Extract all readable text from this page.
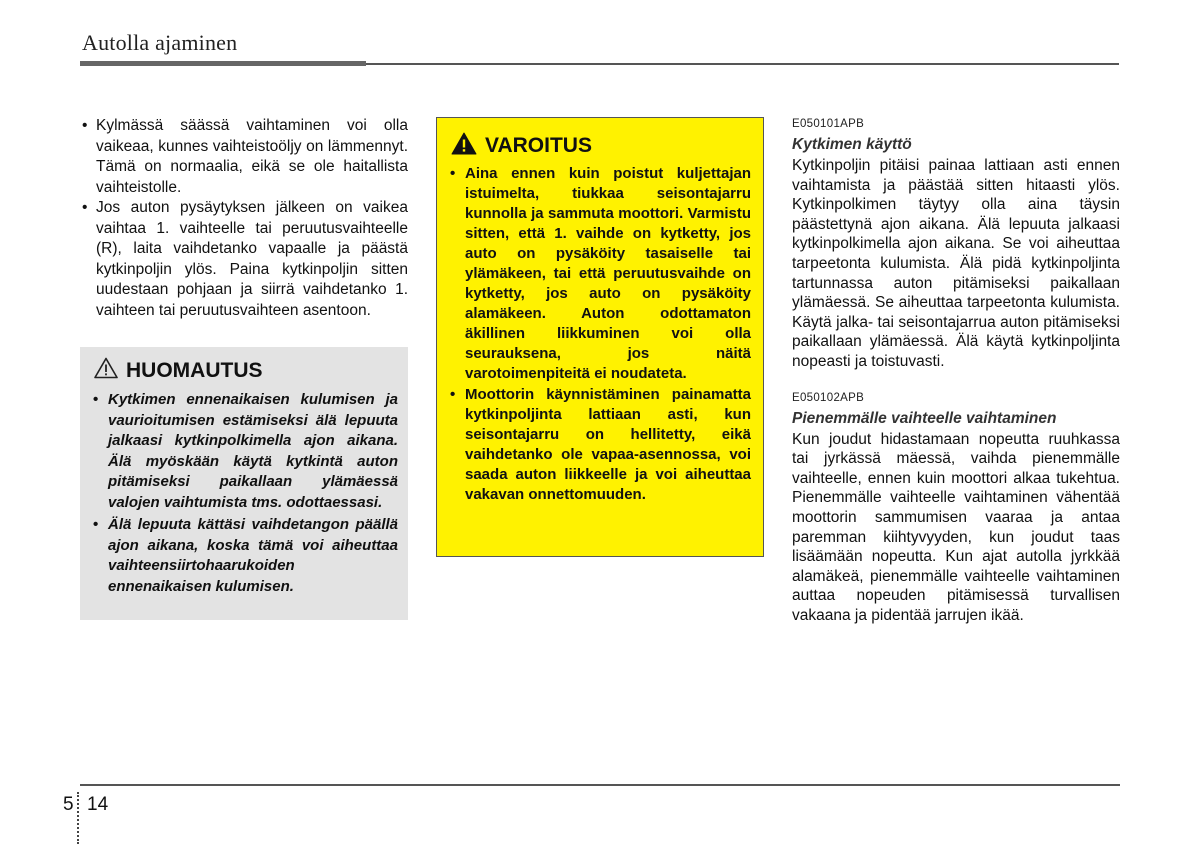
Autolla ajaminen
• Kylmässä säässä vaihtaminen voi olla vaikeaa, kunnes vaihteistoöljy on lämmennyt. Tämä on normaalia, eikä se ole haitallista vaihteistolle.
• Jos auton pysäytyksen jälkeen on vaikea vaihtaa 1. vaihteelle tai peruutusvaihteelle (R), laita vaihdetanko vapaalle ja päästä kytkinpoljin ylös. Paina kytkinpoljin sitten uudestaan pohjaan ja siirrä vaihdetanko 1. vaihteen tai peruutusvaihteen asentoon.
HUOMAUTUS
• Kytkimen ennenaikaisen kulumisen ja vaurioitumisen estämiseksi älä lepuuta jalkaasi kytkinpolkimella ajon aikana. Älä myöskään käytä kytkintä auton pitämiseksi paikallaan ylämäessä valojen vaihtumista tms. odottaessasi.
• Älä lepuuta kättäsi vaihdetangon päällä ajon aikana, koska tämä voi aiheuttaa vaihteensiirtohaarukoiden ennenaikaisen kulumisen.
VAROITUS
• Aina ennen kuin poistut kuljettajan istuimelta, tiukkaa seisontajarru kunnolla ja sammuta moottori. Varmistu sitten, että 1. vaihde on kytketty, jos auto on pysäköity tasaiselle tai ylämäkeen, tai että peruutusvaihde on kytketty, jos auto on pysäköity alamäkeen. Auton odottamaton äkillinen liikkuminen voi olla seurauksena, jos näitä varotoimenpiteitä ei noudateta.
• Moottorin käynnistäminen painamatta kytkinpoljinta lattiaan asti, kun seisontajarru on hellitetty, eikä vaihdetanko ole vapaa-asennossa, voi saada auton liikkeelle ja voi aiheuttaa vakavan onnettomuuden.

E050101APB

Kytkimen käyttö

Kytkinpoljin pitäisi painaa lattiaan asti ennen vaihtamista ja päästää sitten hitaasti ylös. Kytkinpolkimen täytyy olla aina täysin päästettynä ajon aikana. Älä lepuuta jalkaasi kytkinpolkimella ajon aikana. Se voi aiheuttaa tarpeetonta kulumista. Älä pidä kytkinpoljinta tartunnassa auton pitämiseksi paikallaan ylämäessä. Se aiheuttaa tarpeetonta kulumista. Käytä jalka- tai seisontajarrua auton pitämiseksi paikallaan ylämäessä. Älä käytä kytkinpoljinta nopeasti ja toistuvasti.

E050102APB

Pienemmälle vaihteelle vaihtaminen

Kun joudut hidastamaan nopeutta ruuhkassa tai jyrkässä mäessä, vaihda pienemmälle vaihteelle, ennen kuin moottori alkaa tukehtua. Pienemmälle vaihteelle vaihtaminen vähentää moottorin sammumisen vaaraa ja antaa paremman kiihtyvyyden, kun joudut taas lisäämään nopeutta. Kun ajat autolla jyrkkää alamäkeä, pienemmälle vaihteelle vaihtaminen auttaa nopeuden pitämisessä turvallisen vakaana ja pidentää jarrujen ikää.

5 14
